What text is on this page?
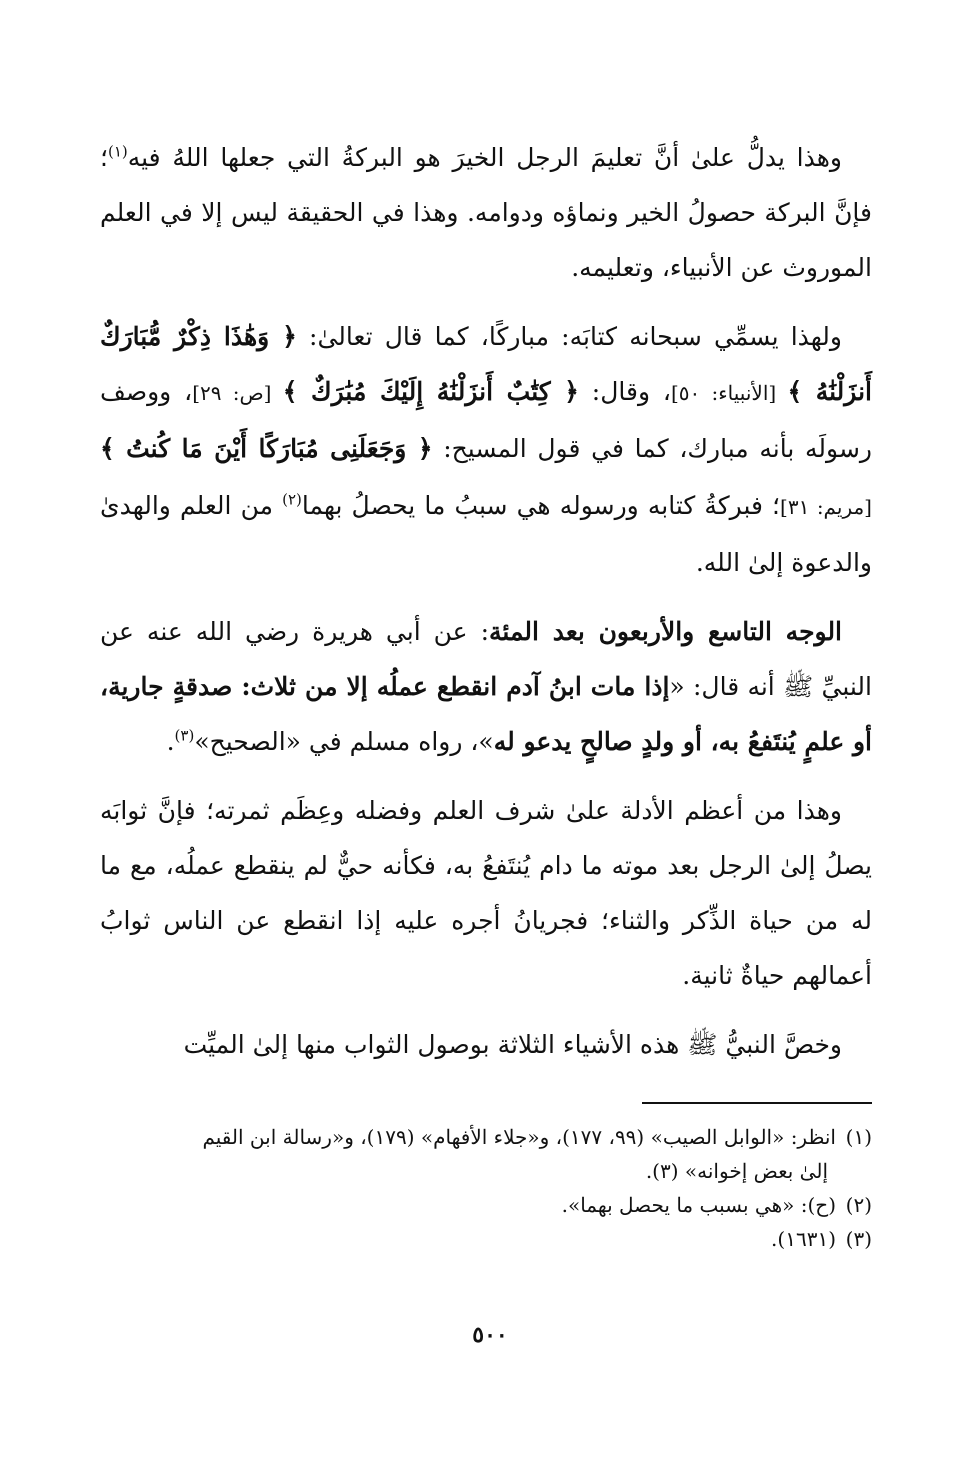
وهذا يدلُّ علىٰ أنَّ تعليمَ الرجل الخيرَ هو البركةُ التي جعلها اللهُ فيه$^{(١)}$؛ فإنَّ البركة حصولُ الخير ونماؤه ودوامه. وهذا في الحقيقة ليس إلا في العلم الموروث عن الأنبياء، وتعليمه.

ولهذا يسمِّي سبحانه كتابَه: مباركًا، كما قال تعالىٰ: ﴿ وَهَٰذَا ذِكْرٌ مُّبَارَكٌ أَنزَلْنَٰهُ ﴾ [الأنبياء: ٥٠]، وقال: ﴿ كِتَٰبٌ أَنزَلْنَٰهُ إِلَيْكَ مُبَٰرَكٌ ﴾ [ص: ٢٩]، ووصف رسولَه بأنه مبارك، كما في قول المسيح: ﴿ وَجَعَلَنِى مُبَارَكًا أَيْنَ مَا كُنتُ ﴾ [مريم: ٣١]؛ فبركةُ كتابه ورسوله هي سببُ ما يحصلُ بهما$^{(٢)}$ من العلم والهدىٰ والدعوة إلىٰ الله.

الوجه التاسع والأربعون بعد المئة: عن أبي هريرة رضي الله عنه عن النبيِّ ﷺ أنه قال: «إذا مات ابنُ آدم انقطع عملُه إلا من ثلاث: صدقةٍ جارية، أو علمٍ يُنتَفعُ به، أو ولدٍ صالحٍ يدعو له»، رواه مسلم في «الصحيح»$^{(٣)}$.

وهذا من أعظم الأدلة علىٰ شرف العلم وفضله وعِظَم ثمرته؛ فإنَّ ثوابَه يصلُ إلىٰ الرجل بعد موته ما دام يُنتَفعُ به، فكأنه حيٌّ لم ينقطع عملُه، مع ما له من حياة الذِّكر والثناء؛ فجريانُ أجره عليه إذا انقطع عن الناس ثوابُ أعمالهم حياةٌ ثانية.

وخصَّ النبيُّ ﷺ هذه الأشياء الثلاثة بوصول الثواب منها إلىٰ الميِّت

(١)انظر: «الوابل الصيب» (٩٩، ١٧٧)، و«جلاء الأفهام» (١٧٩)، و«رسالة ابن القيم

إلىٰ بعض إخوانه» (٣).

(٢)(ح): «هي بسبب ما يحصل بهما».

(٣)(١٦٣١).

٥٠٠
